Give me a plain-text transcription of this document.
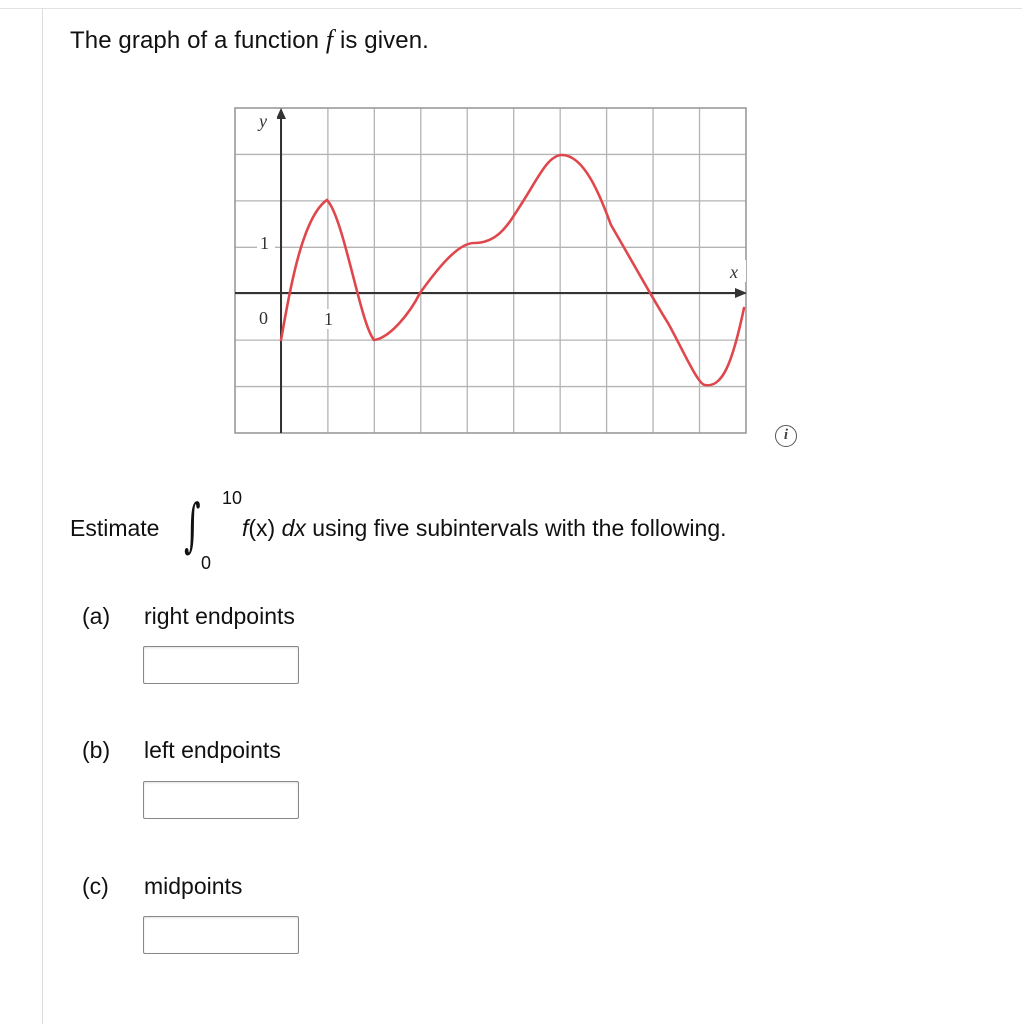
The graph of a function f is given.
y
x
1
0	1
i
Estimate ∫ 10
0
f(x) dx using five subintervals with the following.
(a) right endpoints
(b) left endpoints
(c) midpoints
